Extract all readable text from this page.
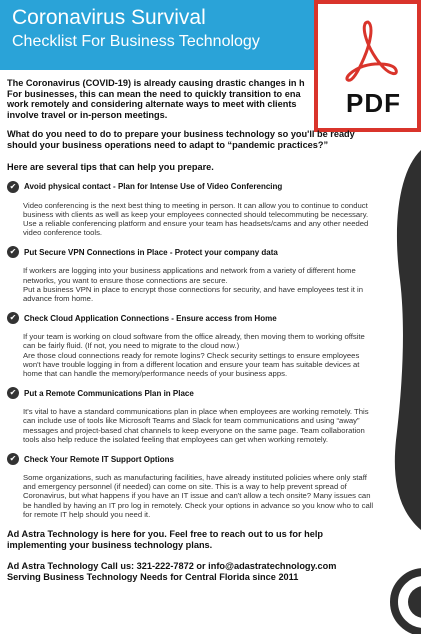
Coronavirus Survival
Checklist For Business Technology
PDF
The Coronavirus (COVID-19) is already causing drastic changes in h
For businesses, this can mean the need to quickly transition to ena
work remotely and considering alternate ways to meet with clients
involve travel or in-person meetings.
What do you need to do to prepare your business technology so you'll be ready
should your business operations need to adapt to “pandemic practices?”
Here are several tips that can help you prepare.
✔ Avoid physical contact - Plan for Intense Use of Video Conferencing

Video conferencing is the next best thing to meeting in person. It can allow you to continue to conduct business with clients as well as keep your employees connected should telecommuting be necessary. Use a reliable conferencing platform and ensure your team has headsets/cams and any other needed video conference tools.

✔ Put Secure VPN Connections in Place - Protect your company data

If workers are logging into your business applications and network from a variety of different home networks, you want to ensure those connections are secure.

Put a business VPN in place to encrypt those connections for security, and have employees test it in advance from home.

✔ Check Cloud Application Connections - Ensure access from Home

If your team is working on cloud software from the office already, then moving them to working offsite can be fairly fluid. (If not, you need to migrate to the cloud now.)

Are those cloud connections ready for remote logins? Check security settings to ensure employees won't have trouble logging in from a different location and ensure your team has suitable devices at home that can handle the memory/performance needs of your business apps.

✔ Put a Remote Communications Plan in Place

It's vital to have a standard communications plan in place when employees are working remotely. This can include use of tools like Microsoft Teams and Slack for team communications and using “away” messages and project-based chat channels to keep everyone on the same page. Team collaboration tools also help reduce the isolated feeling that employees can get when working remotely.

✔ Check Your Remote IT Support Options

Some organizations, such as manufacturing facilities, have already instituted policies where only staff and emergency personnel (if needed) can come on site. This is a way to help prevent spread of Coronavirus, but what happens if you have an IT issue and can't allow a tech onsite? Many issues can be handled by having an IT pro log in remotely. Check your options in advance so you know who to call for remote IT help should you need it.

Ad Astra Technology is here for you. Feel free to reach out to us for help
implementing your business technology plans.
Ad Astra Technology Call us: 321-222-7872 or info@adastratechnology.com
Serving Business Technology Needs for Central Florida since 2011
